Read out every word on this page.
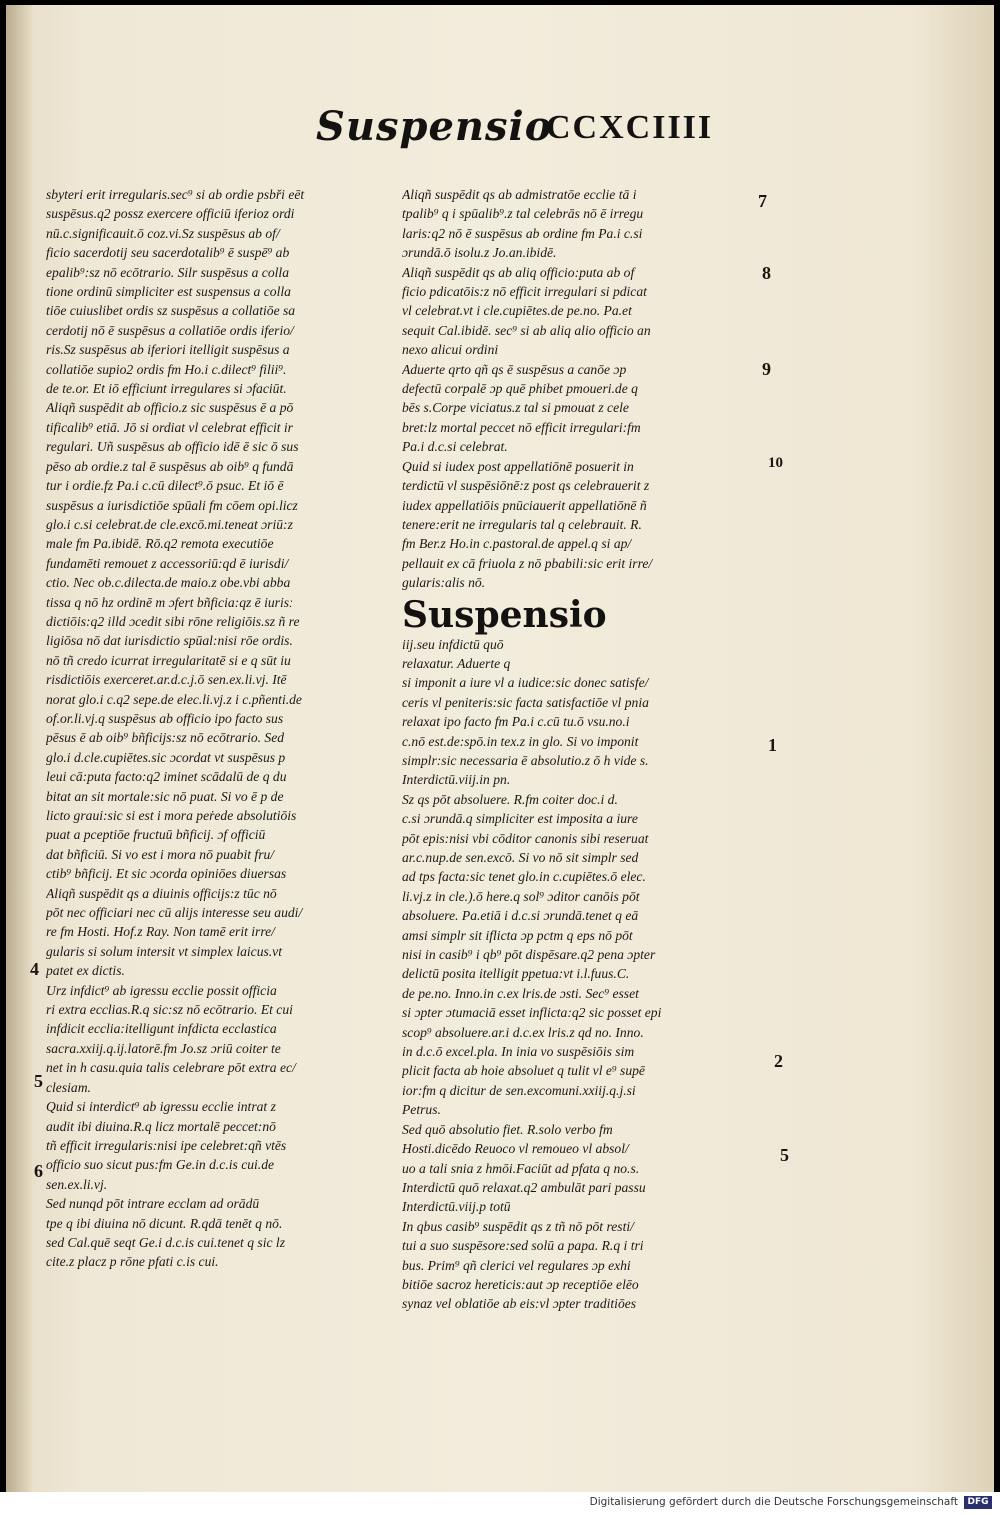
Suspensio
CCXCIIII
sbyteri erit irregularis.sec⁹ si ab ordie psbři eēt
suspēsus.q2 possz exercere officiū iferioz ordi
nū.c.significauit.ō coz.vi.Sz suspēsus ab of/
ficio sacerdotij seu sacerdotalib⁹ ē suspē⁹ ab
epalib⁹:sz nō ecōtrario. Silr suspēsus a colla
tione ordinū simpliciter est suspensus a colla
tiōe cuiuslibet ordis sz suspēsus a collatiōe sa
cerdotij nō ē suspēsus a collatiōe ordis iferio/
ris.Sz suspēsus ab iferiori itelligit suspēsus a
collatiōe supio2 ordis fm Ho.i c.dilect⁹ filii⁹.
de te.or. Et iō efficiunt irregulares si ɔfaciūt.
Aliqñ suspēdit ab officio.z sic suspēsus ē a pō
tificalib⁹ etiā. Jō si ordiat vl celebrat efficit ir
regulari. Uñ suspēsus ab officio idē ē sic ō sus
pēso ab ordie.z tal ē suspēsus ab oib⁹ q fundā
tur i ordie.fz Pa.i c.cū dilect⁹.ō psuc. Et iō ē
suspēsus a iurisdictiōe spūali fm cōem opi.licz
glo.i c.si celebrat.de cle.excō.mi.teneat ɔriū:z
male fm Pa.ibidē. Rō.q2 remota executiōe
fundamēti remouet z accessoriū:qd ē iurisdi/
ctio. Nec ob.c.dilecta.de maio.z obe.vbi abba
tissa q nō hz ordinē m ɔfert bñficia:qz ē iurisː
dictiōis:q2 illd ɔcedit sibi rōne religiōis.sz ñ re
ligiōsa nō dat iurisdictio spūal:nisi rōe ordis.
nō tñ credo icurrat irregularitatē si e q sūt iu
risdictiōis exerceret.ar.d.c.j.ō sen.ex.li.vj. Itē
norat glo.i c.q2 sepe.de elec.li.vj.z i c.pñenti.de
of.or.li.vj.q suspēsus ab officio ipo facto sus
pēsus ē ab oib⁹ bñficijs:sz nō ecōtrario. Sed
glo.i d.cle.cupiētes.sic ɔcordat vt suspēsus p
leui cā:puta facto:q2 iminet scādalū de q du
bitat an sit mortale:sic nō puat. Si vo ē p de
licto graui:sic si est i mora peṙede absolutiōis
puat a pceptiōe fructuū bñficij. ɔf officiū
dat bñficiū. Si vo est i mora nō puabit fru/
ctib⁹ bñficij. Et sic ɔcorda opiniōes diuersas
Aliqñ suspēdit qs a diuinis officijs:z tūc nō
pōt nec officiari nec cū alijs interesse seu audi/
re fm Hosti. Hof.z Ray. Non tamē erit irre/
gularis si solum intersit vt simplex laicus.vt
patet ex dictis.
Urz infdict⁹ ab igressu ecclie possit officia
ri extra ecclias.R.q sic:sz nō ecōtrario. Et cui
infdicit ecclia:itelligunt infdicta ecclastica
sacra.xxiij.q.ij.latorē.fm Jo.sz ɔriū coiter te
net in h casu.quia talis celebrare pōt extra ec/
clesiam.
Quid si interdict⁹ ab igressu ecclie intrat z
audit ibi diuina.R.q licz mortalē peccet:nō
tñ efficit irregularis:nisi ipe celebret:qñ vtēs
officio suo sicut pus:fm Ge.in d.c.is cui.de
sen.ex.li.vj.
Sed nunqd pōt intrare ecclam ad orādū
tpe q ibi diuina nō dicunt. R.qdā tenēt q nō.
sed Cal.quē seqt Ge.i d.c.is cui.tenet q sic lz
cite.z placz p rōne pfati c.is cui.
Aliqñ suspēdit qs ab admistratōe ecclie tā i
tpalib⁹ q i spūalib⁹.z tal celebrās nō ē irregu
laris:q2 nō ē suspēsus ab ordine fm Pa.i c.si
ɔrundā.ō isolu.z Jo.an.ibidē.
Aliqñ suspēdit qs ab aliq officio:puta ab of
ficio pdicatōis:z nō efficit irregulari si pdicat
vl celebrat.vt i cle.cupiētes.de pe.no. Pa.et
sequit Cal.ibidē. sec⁹ si ab aliq alio officio an
nexo alicui ordini
Aduerte qrto qñ qs ē suspēsus a canōe ɔp
defectū corpalē ɔp quē phibet pmoueri.de q
bēs s.Corpe viciatus.z tal si pmouat z cele
bret:lz mortal peccet nō efficit irregulari:fm
Pa.i d.c.si celebrat.
Quid si iudex post appellatiōnē posuerit in
terdictū vl suspēsiōnē:z post qs celebrauerit z
iudex appellatiōis pnūciauerit appellatiōnē ñ
tenere:erit ne irregularis tal q celebrauit. R.
fm Ber.z Ho.in c.pastoral.de appel.q si ap/
pellauit ex cā friuola z nō pbabili:sic erit irre/
gularis:alis nō.
Suspensio
iij.seu infdictū quō
relaxatur. Aduerte q
si imponit a iure vl a iudice:sic donec satisfe/
ceris vl peniteris:sic facta satisfactiōe vl pnia
relaxat ipo facto fm Pa.i c.cū tu.ō vsu.no.i
c.nō est.de:spō.in tex.z in glo. Si vo imponit
simplr:sic necessaria ē absolutio.z ō h vide s.
Interdictū.viij.in pn.
Sz qs pōt absoluere. R.fm coiter doc.i d.
c.si ɔrundā.q simpliciter est imposita a iure
pōt epis:nisi vbi cōditor canonis sibi reseruat
ar.c.nup.de sen.excō. Si vo nō sit simplr sed
ad tps facta:sic tenet glo.in c.cupiētes.ō elec.
li.vj.z in cle.).ō here.q sol⁹ ɔditor canōis pōt
absoluere. Pa.etiā i d.c.si ɔrundā.tenet q eā
amsi simplr sit iflicta ɔp pctm q eps nō pōt
nisi in casib⁹ i qb⁹ pōt dispēsare.q2 pena ɔpter
delictū posita itelligit ppetua:vt i.l.fuus.C.
de pe.no. Inno.in c.ex lris.de ɔsti. Sec⁹ esset
si ɔpter ɔtumaciā esset inflicta:q2 sic posset epi
scop⁹ absoluere.ar.i d.c.ex lris.z qd no. Inno.
in d.c.ō excel.pla. In inia vo suspēsiōis sim
plicit facta ab hoie absoluet q tulit vl e⁹ supē
ior:fm q dicitur de sen.excomuni.xxiij.q.j.si
Petrus.
Sed quō absolutio fiet. R.solo verbo fm
Hosti.dicēdo Reuoco vl remoueo vl absol/
uo a tali snia z hmōi.Faciūt ad pfata q no.s.
Interdictū quō relaxat.q2 ambulāt pari passu
Interdictū.viij.p totū
In qbus casib⁹ suspēdit qs z tñ nō pōt resti/
tui a suo suspēsore:sed solū a papa. R.q i tri
bus. Prim⁹ qñ clerici vel regulares ɔp exhi
bitiōe sacroz hereticis:aut ɔp receptiōe elēo
synaz vel oblatiōe ab eis:vl ɔpter traditiōes
7
8
9
10
1
4
5
6
2
5
Digitalisierung gefördert durch die Deutsche Forschungsgemeinschaft	DFG
